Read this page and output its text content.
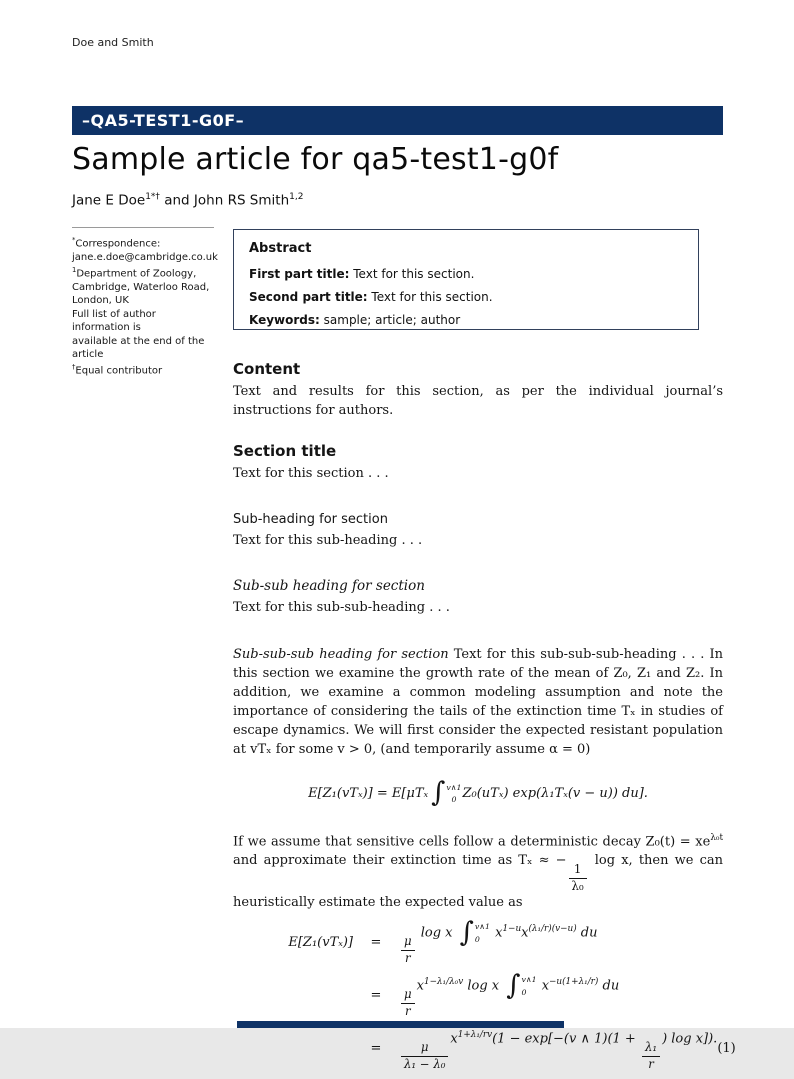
Doe and Smith
–QA5-TEST1-G0F–
Sample article for qa5-test1-g0f
Jane E Doe$^{1*\dagger}$ and John RS Smith$^{1,2}$
*Correspondence:
jane.e.doe@cambridge.co.uk
$^1$Department of Zoology,
Cambridge, Waterloo Road,
London, UK
Full list of author information is
available at the end of the article
†Equal contributor
Abstract
First part title: Text for this section.
Second part title: Text for this section.
Keywords: sample; article; author
Content

Text and results for this section, as per the individual journal’s instructions for authors.

Section title

Text for this section . . .

Sub-heading for section

Text for this sub-heading . . .

Sub-sub heading for section

Text for this sub-sub-heading . . .

Sub-sub-sub heading for section Text for this sub-sub-sub-heading . . . In this section we examine the growth rate of the mean of Z₀, Z₁ and Z₂. In addition, we examine a common modeling assumption and note the importance of considering the tails of the extinction time Tₓ in studies of escape dynamics. We will first consider the expected resistant population at vTₓ for some v > 0, (and temporarily assume α = 0)

E[Z₁(vTₓ)] = E[μTₓ ∫ v∧1
0 Z₀(uTₓ) exp(λ₁Tₓ(v − u)) du].

If we assume that sensitive cells follow a deterministic decay $Z_0(t) = xe^{\lambda_0t}$ and approximate their extinction time as Tₓ ≈ −
$\frac{1}{\text{λ₀}}$
log x, then we can heuristically estimate the expected value as

E[Z₁(vTₓ)]	=	$\frac{\mu}{r}$
log x ∫ v∧1
0 $x^{1-u}x^{(\lambda_1/r)(v-u)}$ du
=	$\frac{\mu}{r}$
$x^{1-\lambda_1/\lambda_0v}$ log x ∫ v∧1
0 $x^{-u(1+\lambda_1/r)}$ du
=	$\frac{\mu}{\text{λ₁ − λ₀}}$
$x^{1+\lambda_1/rv}(1 - \exp[-(v$ ∧ 1)(1 +
$\frac{\text{λ₁}}{r}$
) log x]).
(1)
